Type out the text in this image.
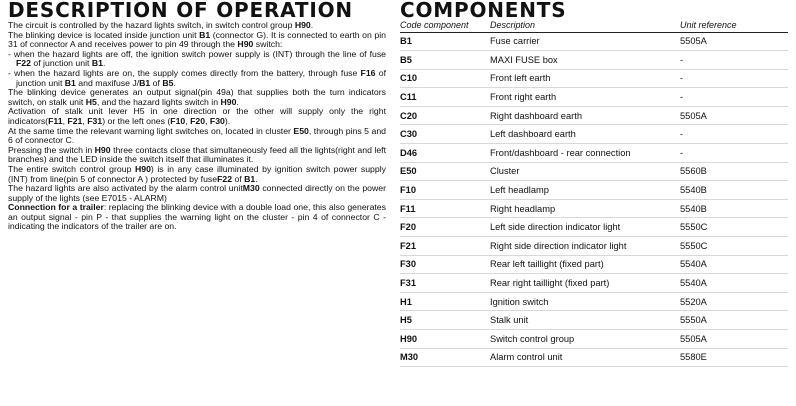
DESCRIPTION OF OPERATION

The circuit is controlled by the hazard lights switch, in switch control group H90.

The blinking device is located inside junction unit B1 (connector G). It is connected to earth on pin 31 of connector A and receives power to pin 49 through the H90 switch:

- when the hazard lights are off, the ignition switch power supply is (INT) through the line of fuse F22 of junction unit B1.

- when the hazard lights are on, the supply comes directly from the battery, through fuse F16 of junction unit B1 and maxifuse J/B1 of B5.

The blinking device generates an output signal(pin 49a) that supplies both the turn indicators switch, on stalk unit H5, and the hazard lights switch in H90.

Activation of stalk unit lever H5 in one direction or the other will supply only the right indicators(F11, F21, F31) or the left ones (F10, F20, F30).

At the same time the relevant warning light switches on, located in cluster E50, through pins 5 and 6 of connector C.

Pressing the switch in H90 three contacts close that simultaneously feed all the lights(right and left branches) and the LED inside the switch itself that illuminates it.

The entire switch control group H90) is in any case illuminated by ignition switch power supply (INT) from line(pin 5 of connector A ) protected by fuseF22 of B1.

The hazard lights are also activated by the alarm control unitM30 connected directly on the power supply of the lights (see E7015 - ALARM)

Connection for a trailer: replacing the blinking device with a double load one, this also generates an output signal - pin P - that supplies the warning light on the cluster - pin 4 of connector C - indicating the indicators of the trailer are on.

COMPONENTS
Code component	Description	Unit reference
B1	Fuse carrier	5505A
B5	MAXI FUSE box	-
C10	Front left earth	-
C11	Front right earth	-
C20	Right dashboard earth	5505A
C30	Left dashboard earth	-
D46	Front/dashboard - rear connection	-
E50	Cluster	5560B
F10	Left headlamp	5540B
F11	Right headlamp	5540B
F20	Left side direction indicator light	5550C
F21	Right side direction indicator light	5550C
F30	Rear left taillight (fixed part)	5540A
F31	Rear right taillight (fixed part)	5540A
H1	Ignition switch	5520A
H5	Stalk unit	5550A
H90	Switch control group	5505A
M30	Alarm control unit	5580E
